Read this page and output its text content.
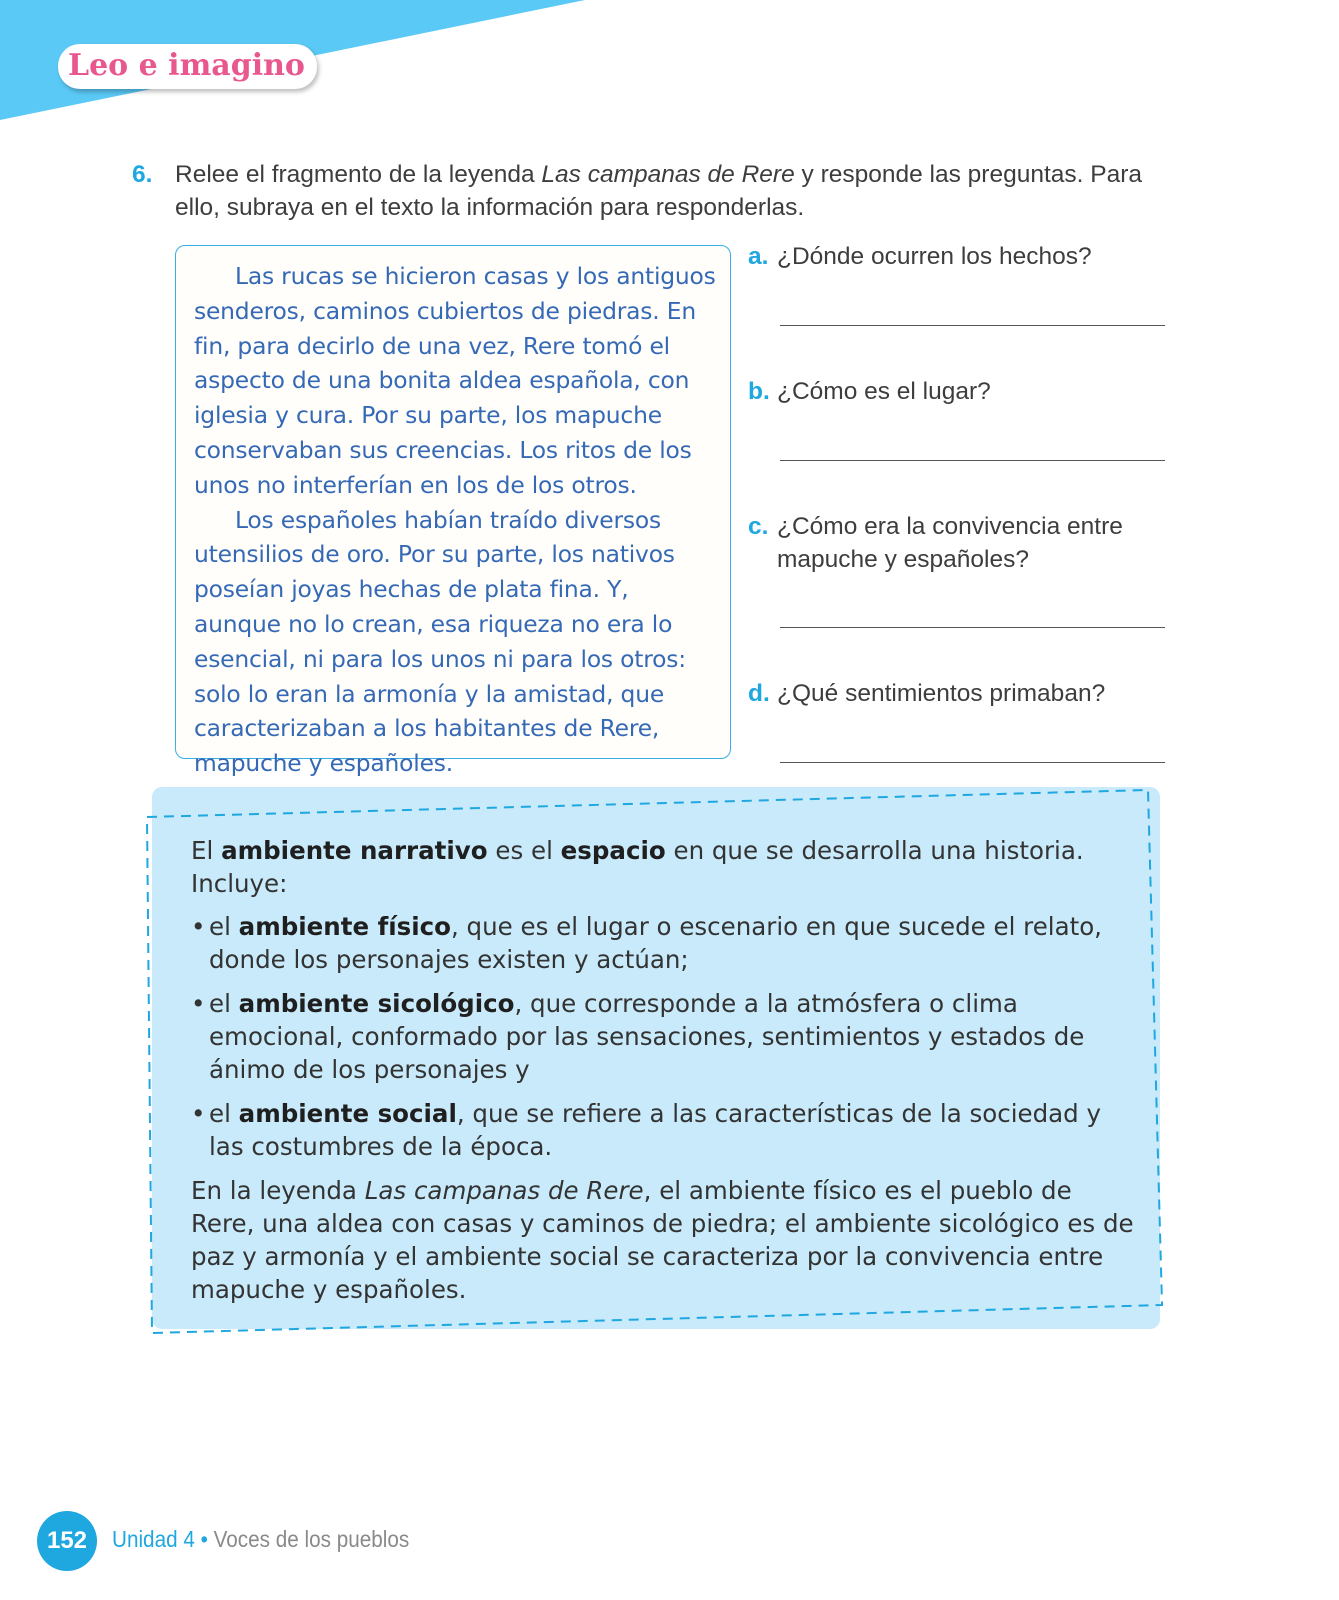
Leo e imagino
6. Relee el fragmento de la leyenda Las campanas de Rere y responde las preguntas. Para ello, subraya en el texto la información para responderlas.

Las rucas se hicieron casas y los antiguos senderos, caminos cubiertos de piedras. En fin, para decirlo de una vez, Rere tomó el aspecto de una bonita aldea española, con iglesia y cura. Por su parte, los mapuche conservaban sus creencias. Los ritos de los unos no interferían en los de los otros.

Los españoles habían traído diversos utensilios de oro. Por su parte, los nativos poseían joyas hechas de plata fina. Y, aunque no lo crean, esa riqueza no era lo esencial, ni para los unos ni para los otros: solo lo eran la armonía y la amistad, que caracterizaban a los habitantes de Rere, mapuche y españoles.

a. ¿Dónde ocurren los hechos?
b. ¿Cómo es el lugar?
c. ¿Cómo era la convivencia entre mapuche y españoles?
d. ¿Qué sentimientos primaban?

El ambiente narrativo es el espacio en que se desarrolla una historia. Incluye:

• el ambiente físico, que es el lugar o escenario en que sucede el relato, donde los personajes existen y actúan;
• el ambiente sicológico, que corresponde a la atmósfera o clima emocional, conformado por las sensaciones, sentimientos y estados de ánimo de los personajes y
• el ambiente social, que se refiere a las características de la sociedad y las costumbres de la época.

En la leyenda Las campanas de Rere, el ambiente físico es el pueblo de Rere, una aldea con casas y caminos de piedra; el ambiente sicológico es de paz y armonía y el ambiente social se caracteriza por la convivencia entre mapuche y españoles.

152	Unidad 4 • Voces de los pueblos
